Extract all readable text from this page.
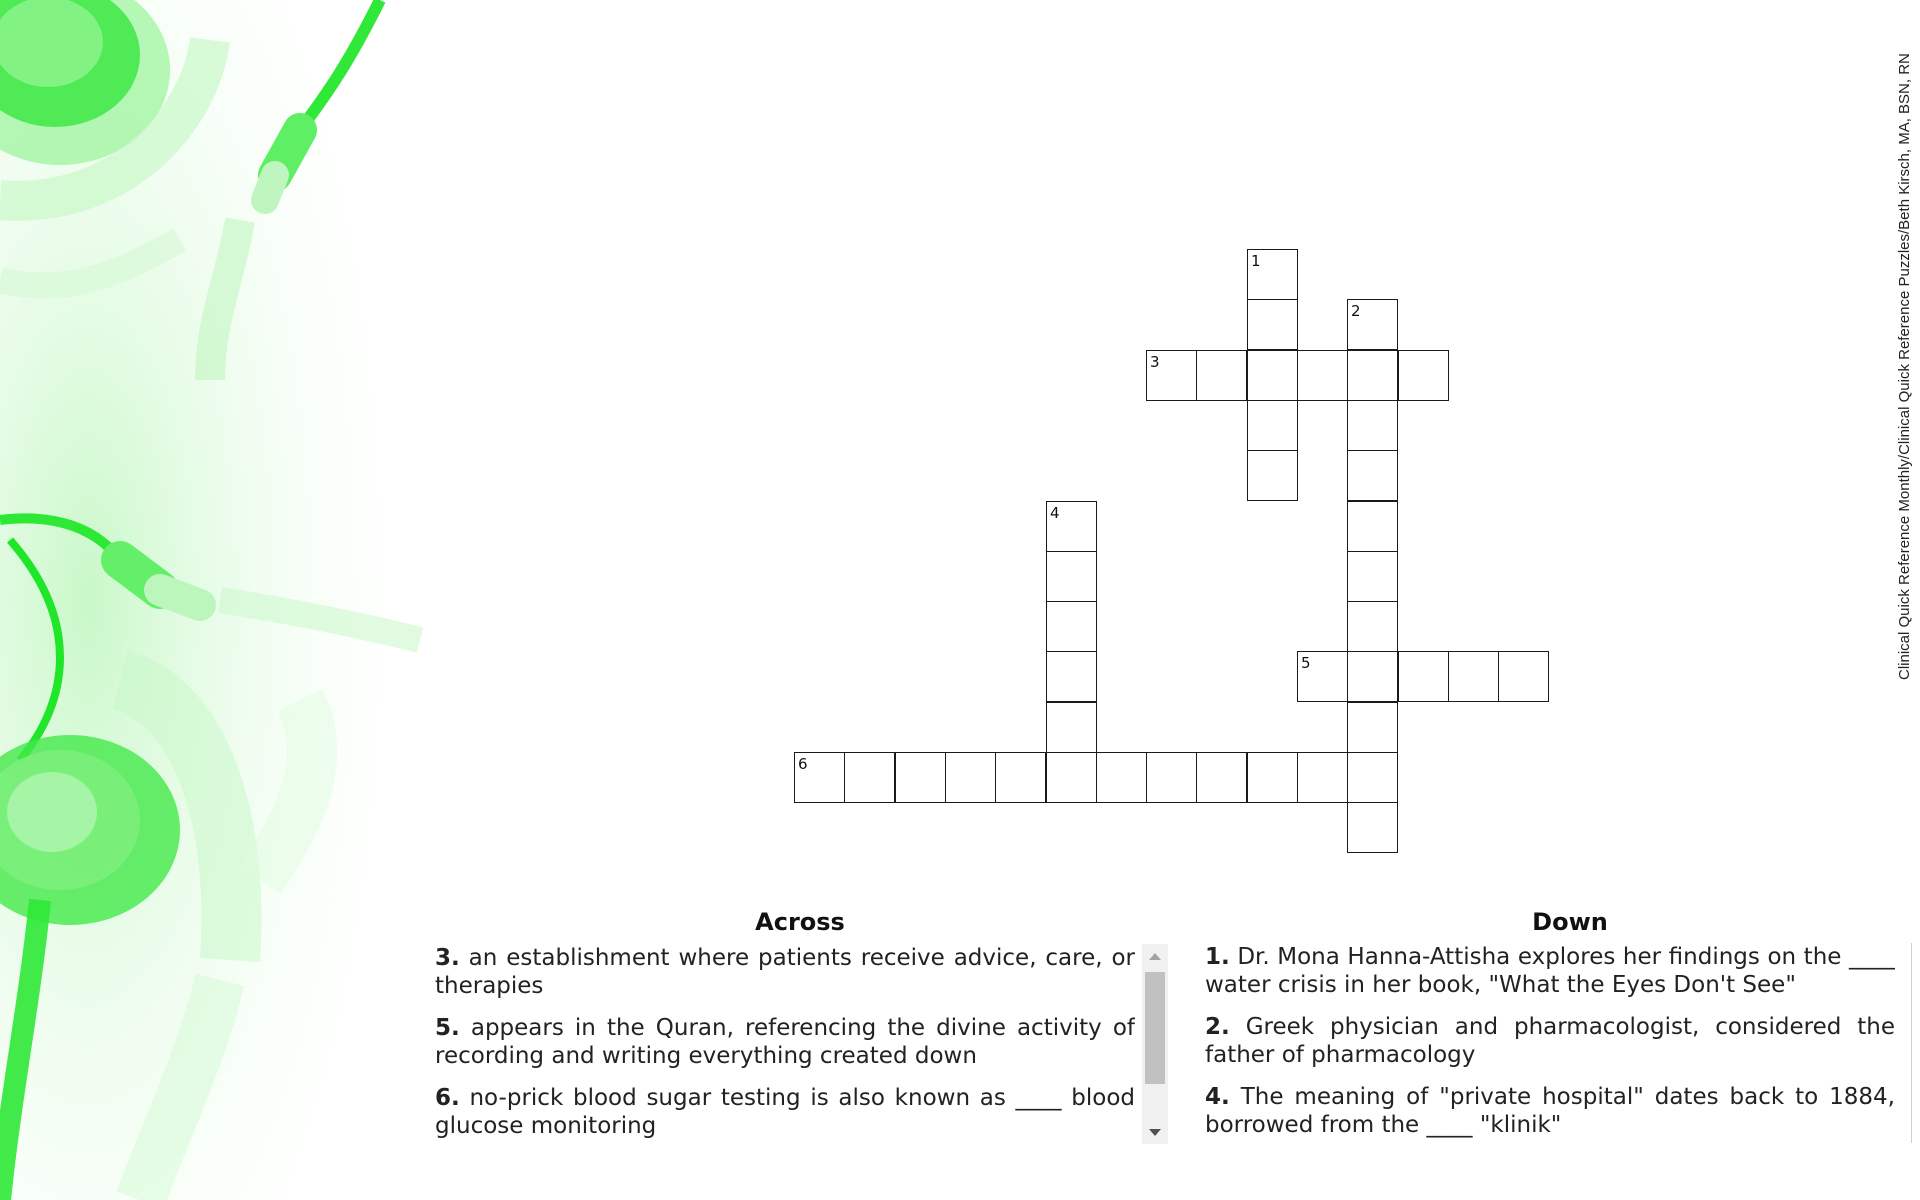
1
2
3
4
5
6
Across
3. an establishment where patients receive advice, care, or therapies
5. appears in the Quran, referencing the divine activity of recording and writing everything created down
6. no-prick blood sugar testing is also known as ____ blood glucose monitoring
Down
1. Dr. Mona Hanna-Attisha explores her findings on the ____ water crisis in her book, "What the Eyes Don't See"
2. Greek physician and pharmacologist, considered the father of pharmacology
4. The meaning of "private hospital" dates back to 1884, borrowed from the ____ "klinik"
Clinical Quick Reference Monthly/Clinical Quick Reference Puzzles/Beth Kirsch, MA, BSN, RN
